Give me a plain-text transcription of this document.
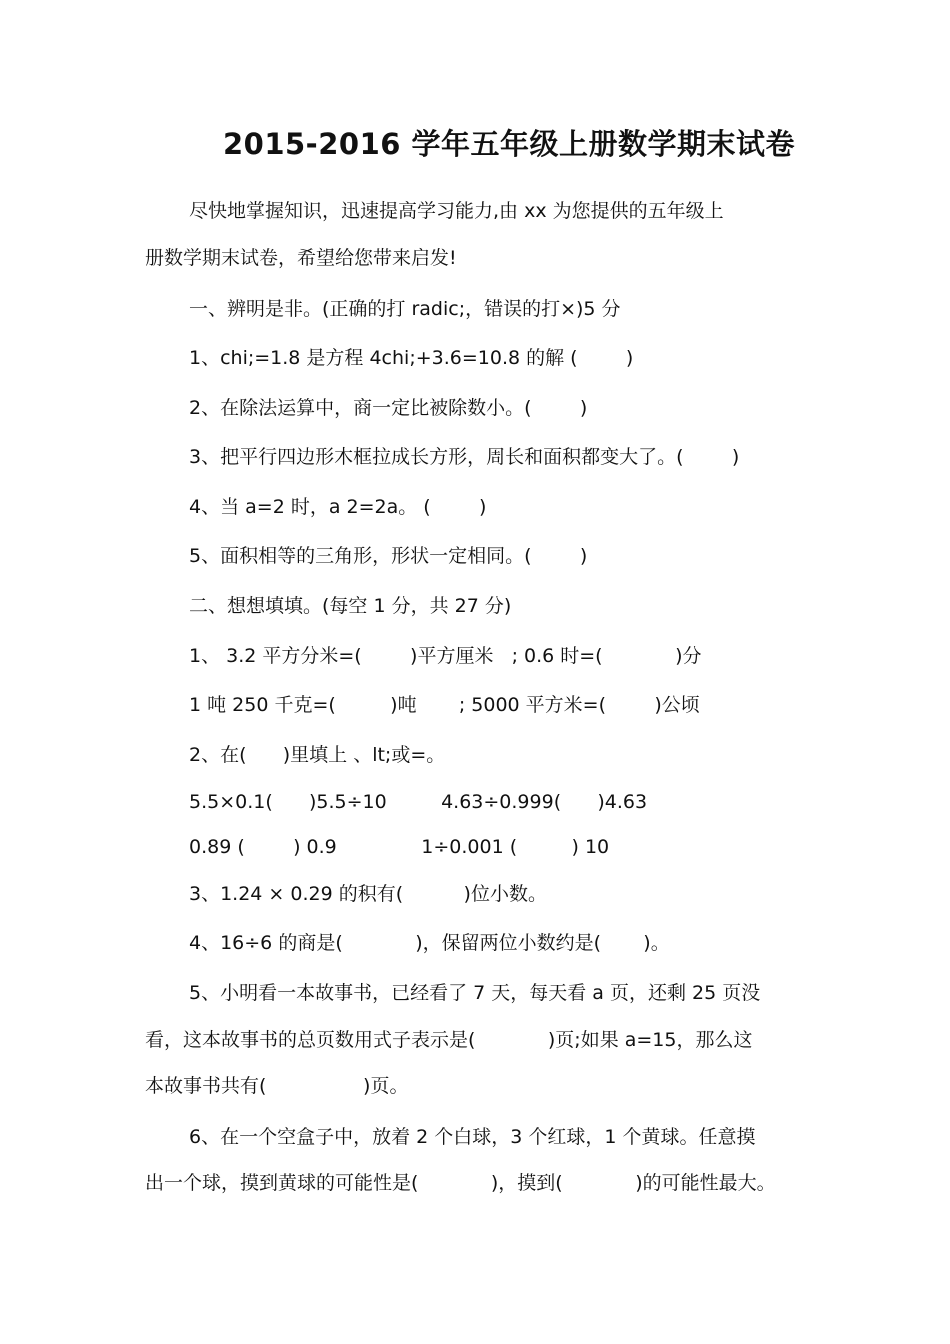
2015-2016 学年五年级上册数学期末试卷
尽快地掌握知识，迅速提高学习能力,由 xx 为您提供的五年级上
册数学期末试卷，希望给您带来启发!
一、辨明是非。(正确的打 radic;，错误的打×)5 分
1、chi;=1.8 是方程 4chi;+3.6=10.8 的解 (        )
2、在除法运算中，商一定比被除数小。(        )
3、把平行四边形木框拉成长方形，周长和面积都变大了。(        )
4、当 a=2 时，a 2=2a。 (        )
5、面积相等的三角形，形状一定相同。(        )
二、想想填填。(每空 1 分，共 27 分)
1、 3.2 平方分米=(        )平方厘米   ; 0.6 时=(            )分
1 吨 250 千克=(         )吨       ; 5000 平方米=(        )公顷
2、在(      )里填上 、lt;或=。
5.5×0.1(      )5.5÷10         4.63÷0.999(      )4.63
0.89 (        ) 0.9              1÷0.001 (         ) 10
3、1.24 × 0.29 的积有(          )位小数。
4、16÷6 的商是(            )，保留两位小数约是(       )。
5、小明看一本故事书，已经看了 7 天，每天看 a 页，还剩 25 页没
看，这本故事书的总页数用式子表示是(            )页;如果 a=15，那么这
本故事书共有(                )页。
6、在一个空盒子中，放着 2 个白球，3 个红球，1 个黄球。任意摸
出一个球，摸到黄球的可能性是(            )，摸到(            )的可能性最大。
